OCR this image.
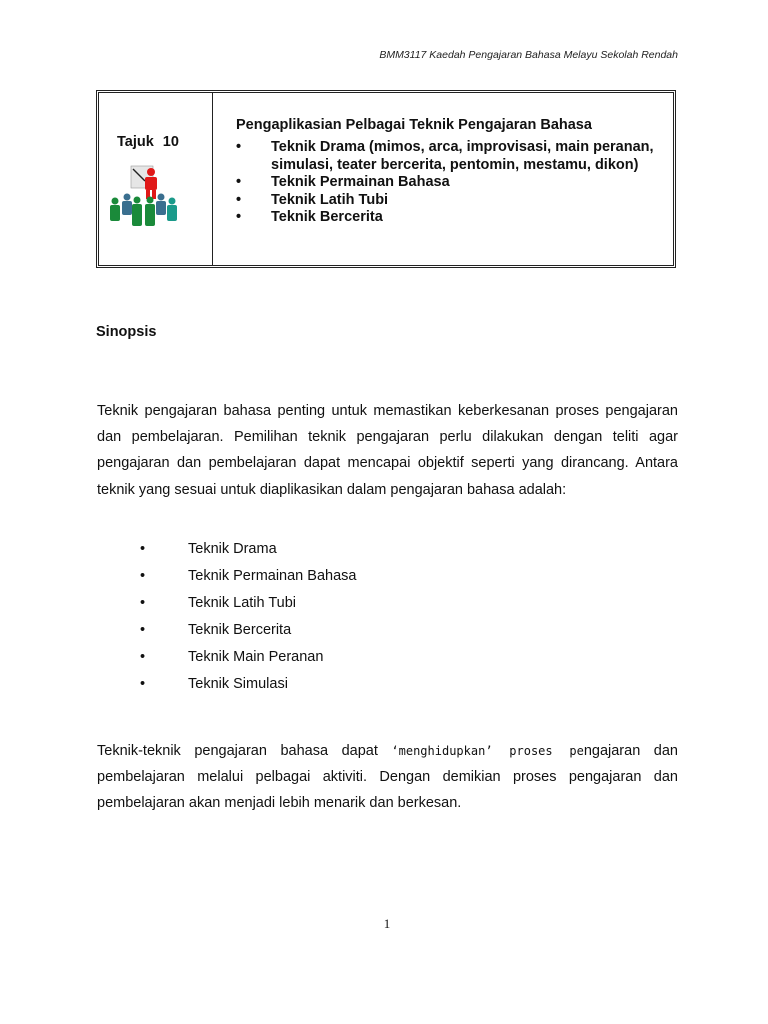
BMM3117 Kaedah Pengajaran Bahasa Melayu Sekolah Rendah
Tajuk 10
Pengaplikasian Pelbagai Teknik Pengajaran Bahasa
• Teknik Drama (mimos, arca, improvisasi, main peranan, simulasi, teater bercerita, pentomin, mestamu, dikon)
• Teknik Permainan Bahasa
• Teknik Latih Tubi
• Teknik Bercerita
Sinopsis

Teknik pengajaran bahasa penting untuk memastikan keberkesanan proses pengajaran dan pembelajaran. Pemilihan teknik pengajaran perlu dilakukan dengan teliti agar pengajaran dan pembelajaran dapat mencapai objektif seperti yang dirancang. Antara teknik yang sesuai untuk diaplikasikan dalam pengajaran bahasa adalah:

•	Teknik Drama
•	Teknik Permainan Bahasa
•	Teknik Latih Tubi
•	Teknik Bercerita
•	Teknik Main Peranan
•	Teknik Simulasi

Teknik-teknik pengajaran bahasa dapat ‘menghidupkan’ proses pengajaran dan pembelajaran melalui pelbagai aktiviti. Dengan demikian proses pengajaran dan pembelajaran akan menjadi lebih menarik dan berkesan.

1
